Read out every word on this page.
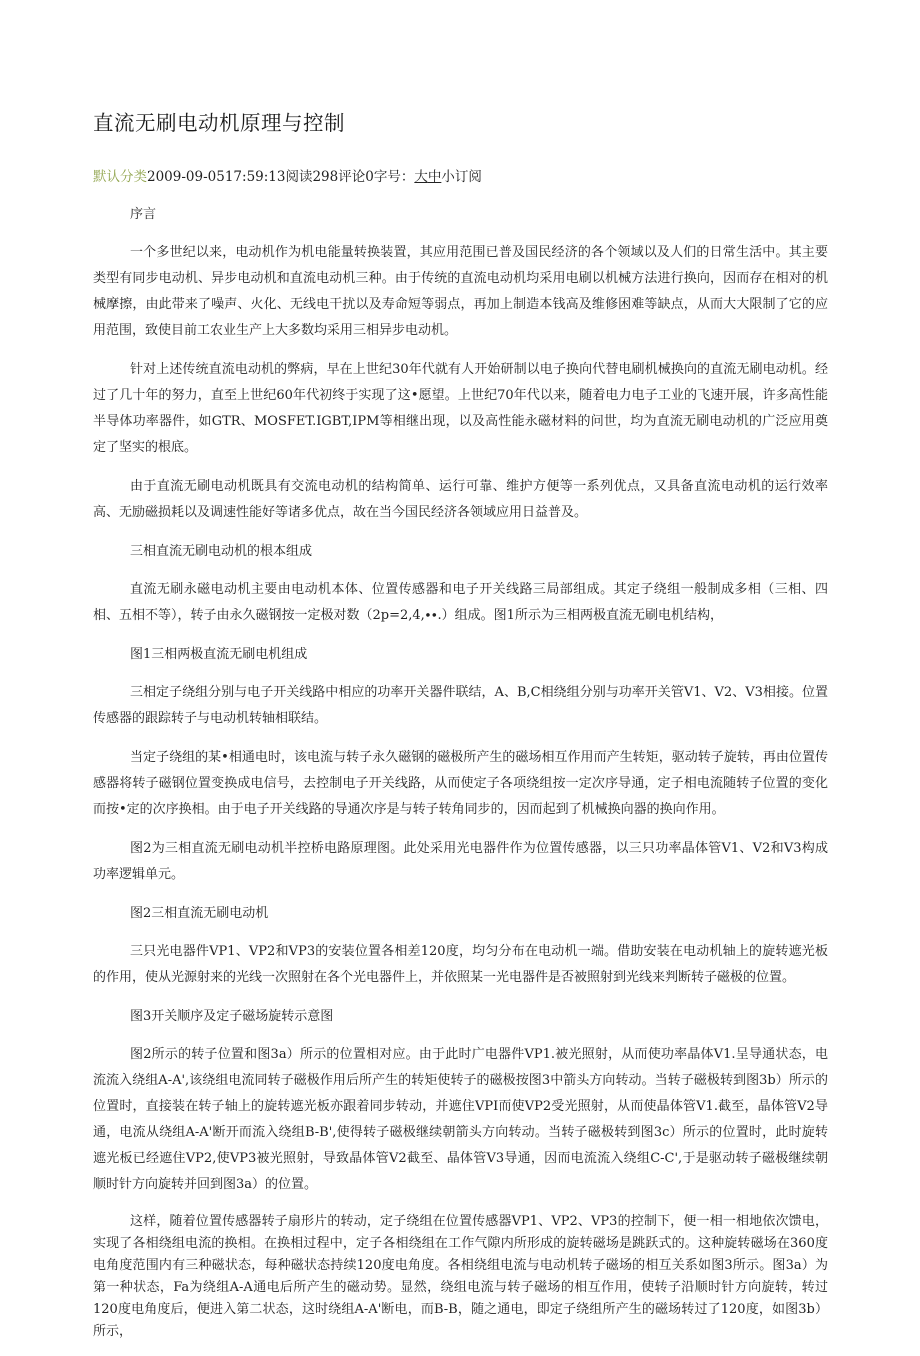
直流无刷电动机原理与控制
默认分类2009-09-0517:59:13阅读298评论0字号：大中小订阅

序言

一个多世纪以来，电动机作为机电能量转换装置，其应用范围已普及国民经济的各个领域以及人们的日常生活中。其主要类型有同步电动机、异步电动机和直流电动机三种。由于传统的直流电动机均采用电刷以机械方法进行换向，因而存在相对的机械摩擦，由此带来了噪声、火化、无线电干扰以及寿命短等弱点，再加上制造本钱高及维修困难等缺点，从而大大限制了它的应用范围，致使目前工农业生产上大多数均采用三相异步电动机。

针对上述传统直流电动机的弊病，早在上世纪30年代就有人开始研制以电子换向代替电刷机械换向的直流无刷电动机。经过了几十年的努力，直至上世纪60年代初终于实现了这•愿望。上世纪70年代以来，随着电力电子工业的飞速开展，许多高性能半导体功率器件，如GTR、MOSFET.IGBT,IPM等相继出现，以及高性能永磁材料的问世，均为直流无刷电动机的广泛应用奠定了坚实的根底。

由于直流无刷电动机既具有交流电动机的结构简单、运行可靠、维护方便等一系列优点，又具备直流电动机的运行效率高、无励磁损耗以及调速性能好等诸多优点，故在当今国民经济各领域应用日益普及。

三相直流无刷电动机的根本组成

直流无刷永磁电动机主要由电动机本体、位置传感器和电子开关线路三局部组成。其定子绕组一般制成多相（三相、四相、五相不等），转子由永久磁钢按一定极对数（2p=2,4,∙∙.）组成。图1所示为三相两极直流无刷电机结构，

图1三相两极直流无刷电机组成

三相定子绕组分别与电子开关线路中相应的功率开关器件联结，A、B,C相绕组分别与功率开关管V1、V2、V3相接。位置传感器的跟踪转子与电动机转轴相联结。

当定子绕组的某•相通电时，该电流与转子永久磁钢的磁极所产生的磁场相互作用而产生转矩，驱动转子旋转，再由位置传感器将转子磁钢位置变换成电信号，去控制电子开关线路，从而使定子各项绕组按一定次序导通，定子相电流随转子位置的变化而按•定的次序换相。由于电子开关线路的导通次序是与转子转角同步的，因而起到了机械换向器的换向作用。

图2为三相直流无刷电动机半控桥电路原理图。此处采用光电器件作为位置传感器，以三只功率晶体管V1、V2和V3构成功率逻辑单元。

图2三相直流无刷电动机

三只光电器件VP1、VP2和VP3的安装位置各相差120度，均匀分布在电动机一端。借助安装在电动机轴上的旋转遮光板的作用，使从光源射来的光线一次照射在各个光电器件上，并依照某一光电器件是否被照射到光线来判断转子磁极的位置。

图3开关顺序及定子磁场旋转示意图

图2所示的转子位置和图3a）所示的位置相对应。由于此时广电器件VP1.被光照射，从而使功率晶体V1.呈导通状态，电流流入绕组A-A',该绕组电流同转子磁极作用后所产生的转矩使转子的磁极按图3中箭头方向转动。当转子磁极转到图3b）所示的位置时，直接装在转子轴上的旋转遮光板亦跟着同步转动，并遮住VPI而使VP2受光照射，从而使晶体管V1.截至，晶体管V2导通，电流从绕组A-A'断开而流入绕组B-B',使得转子磁极继续朝箭头方向转动。当转子磁极转到图3c）所示的位置时，此时旋转遮光板已经遮住VP2,使VP3被光照射，导致晶体管V2截至、晶体管V3导通，因而电流流入绕组C-C',于是驱动转子磁极继续朝顺时针方向旋转并回到图3a）的位置。

这样，随着位置传感器转子扇形片的转动，定子绕组在位置传感器VP1、VP2、VP3的控制下，便一相一相地依次馈电，实现了各相绕组电流的换相。在换相过程中，定子各相绕组在工作气隙内所形成的旋转磁场是跳跃式的。这种旋转磁场在360度电角度范围内有三种磁状态，每种磁状态持续120度电角度。各相绕组电流与电动机转子磁场的相互关系如图3所示。图3a）为第一种状态，Fa为绕组A-A通电后所产生的磁动势。显然，绕组电流与转子磁场的相互作用，使转子沿顺时针方向旋转，转过120度电角度后，便进入第二状态，这时绕组A-A'断电，而B-B，随之通电，即定子绕组所产生的磁场转过了120度，如图3b）所示，
